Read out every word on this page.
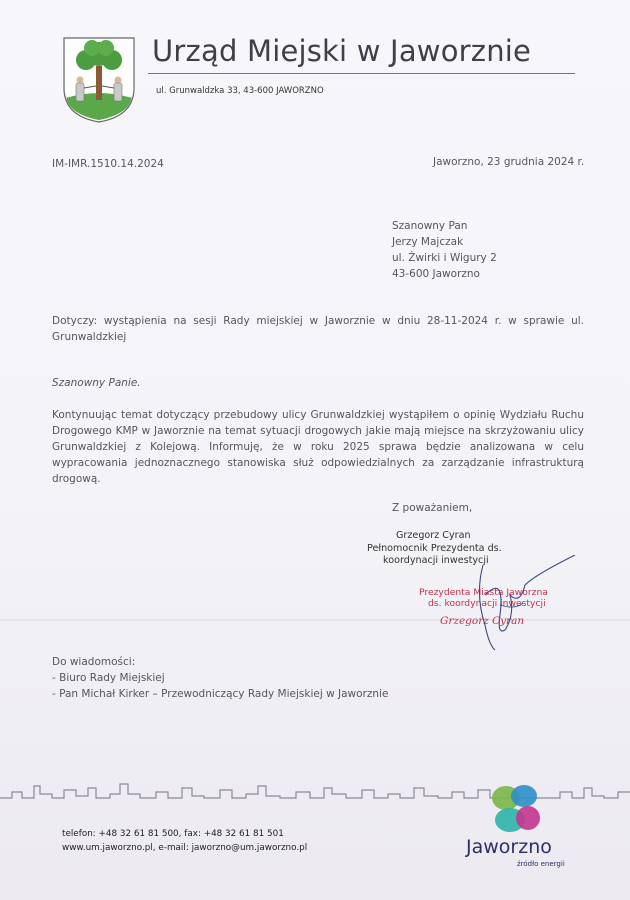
Urząd Miejski w Jaworznie
ul. Grunwaldzka 33, 43-600 JAWORZNO
IM-IMR.1510.14.2024	Jaworzno, 23 grudnia 2024 r.
Szanowny Pan
Jerzy Majczak
ul. Żwirki i Wigury 2
43-600 Jaworzno
Dotyczy: wystąpienia na sesji Rady miejskiej w Jaworznie w dniu 28-11-2024 r. w sprawie ul. Grunwaldzkiej
Szanowny Panie.
Kontynuując temat dotyczący przebudowy ulicy Grunwaldzkiej wystąpiłem o opinię Wydziału Ruchu Drogowego KMP w Jaworznie na temat sytuacji drogowych jakie mają miejsce na skrzyżowaniu ulicy Grunwaldzkiej z Kolejową. Informuję, że w roku 2025 sprawa będzie analizowana w celu wypracowania jednoznacznego stanowiska służ odpowiedzialnych za zarządzanie infrastrukturą drogową.
Z poważaniem,
Grzegorz Cyran
Pełnomocnik Prezydenta ds.
koordynacji inwestycji
Prezydenta Miasta Jaworzna
ds. koordynacji inwestycji
Grzegorz Cyran
Do wiadomości:
- Biuro Rady Miejskiej
- Pan Michał Kirker – Przewodniczący Rady Miejskiej w Jaworznie
telefon: +48 32 61 81 500, fax: +48 32 61 81 501
www.um.jaworzno.pl, e-mail: jaworzno@um.jaworzno.pl	Jaworzno
źródło energii
